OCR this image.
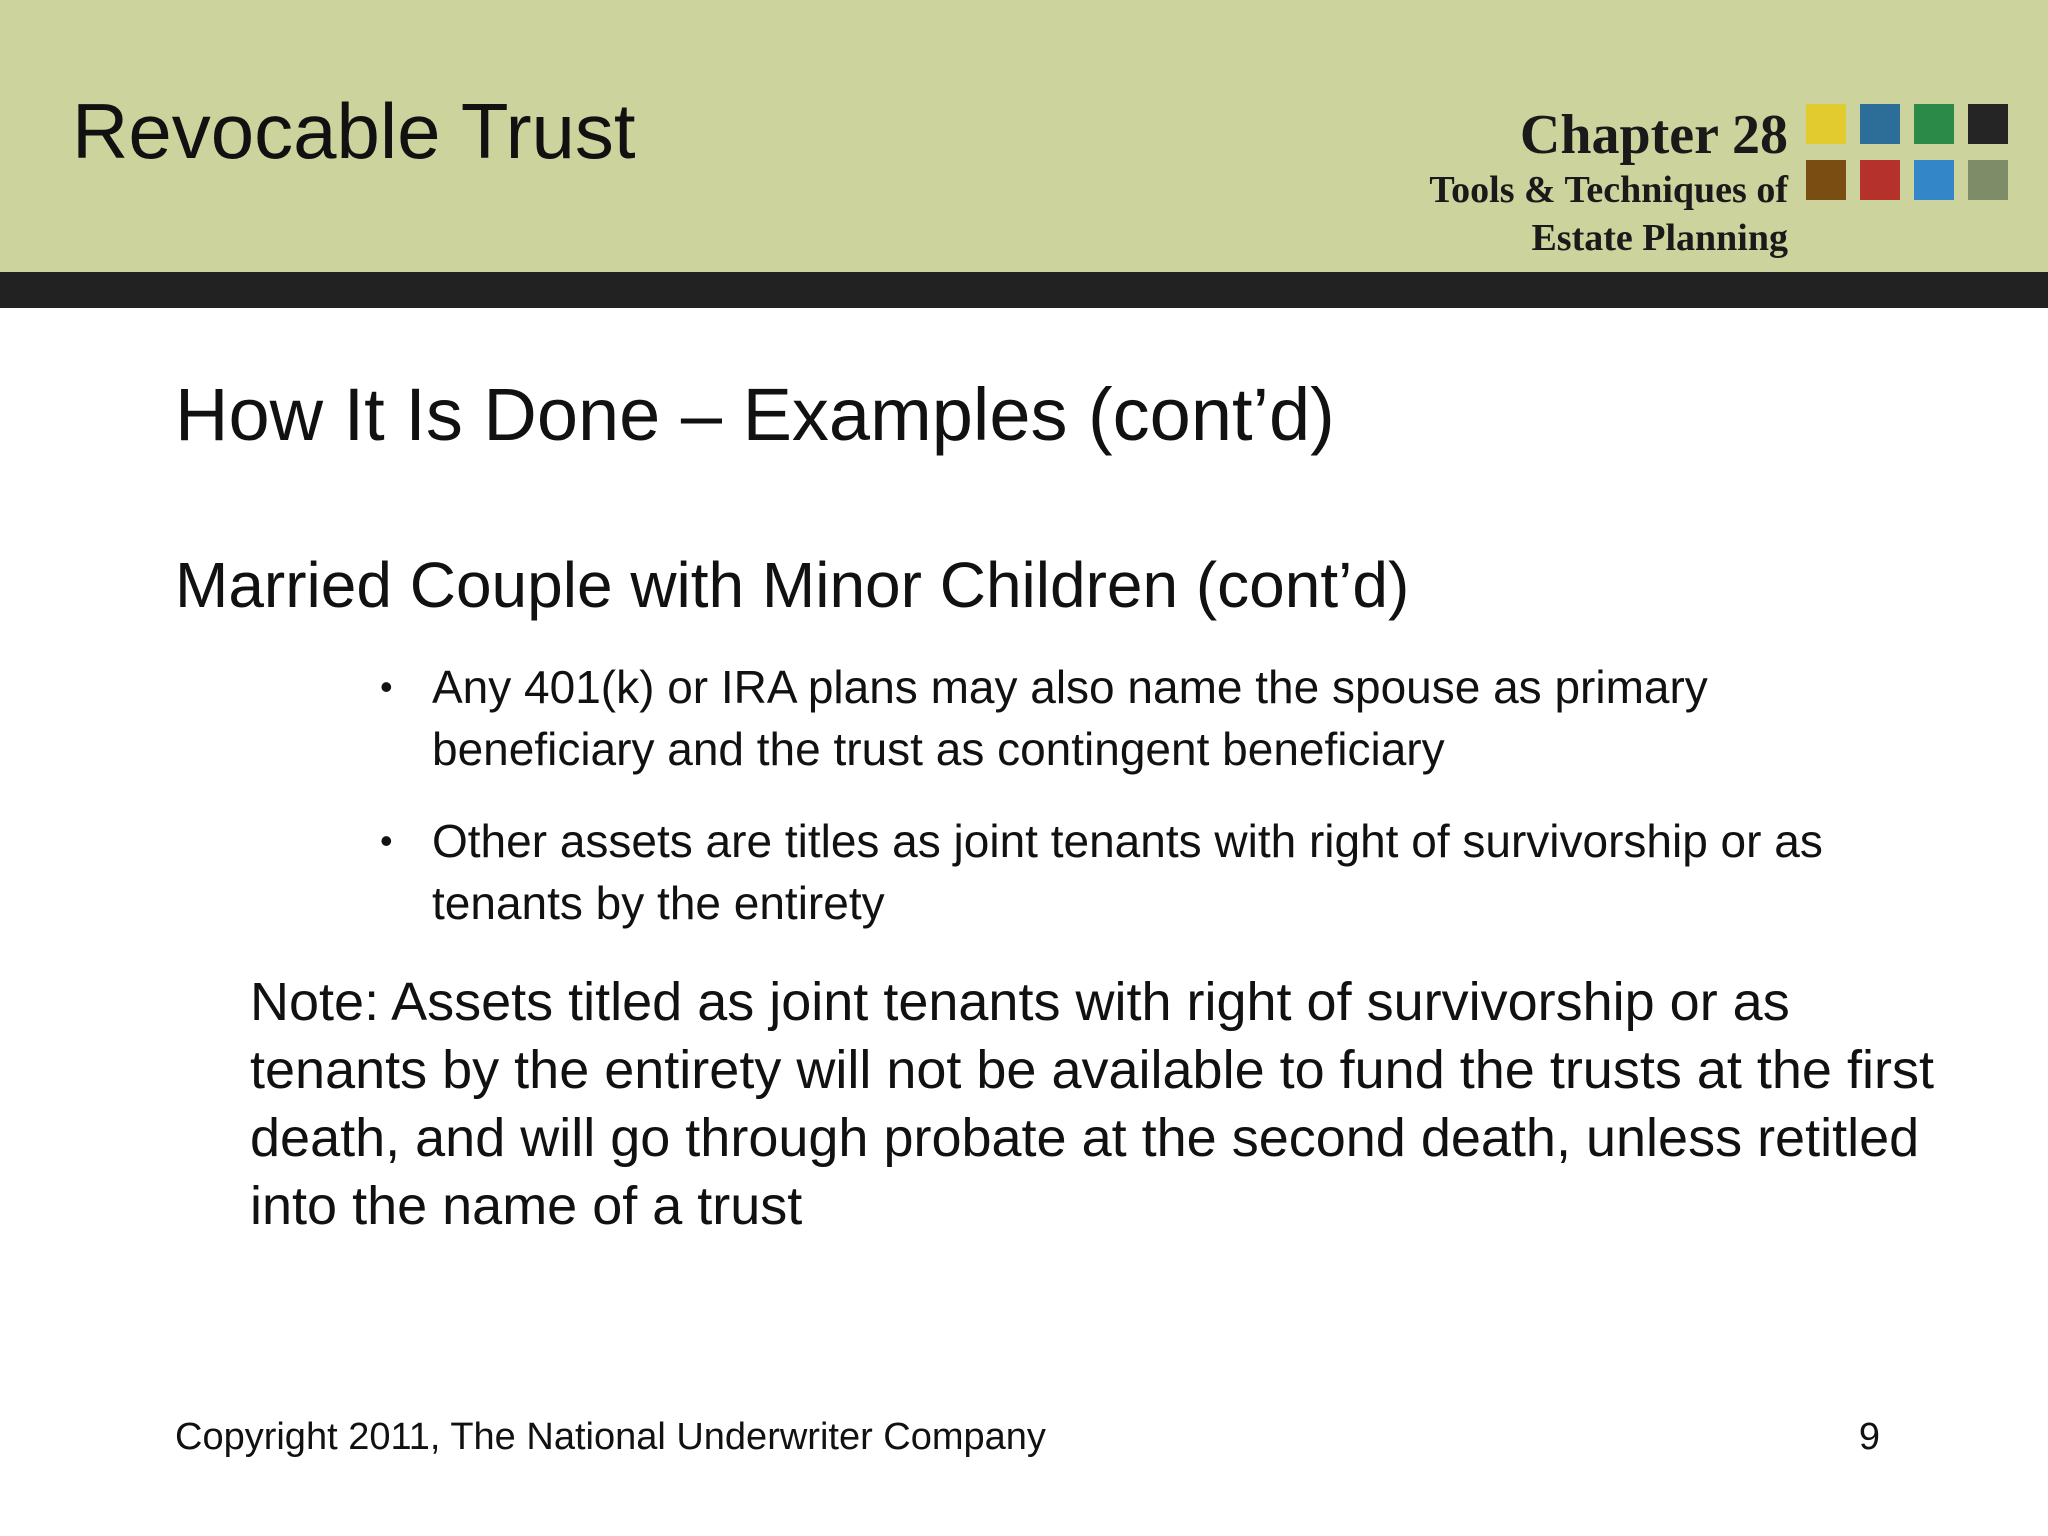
Revocable Trust	Chapter 28
Tools & Techniques of
Estate Planning
How It Is Done – Examples (cont’d)
Married Couple with Minor Children (cont’d)
• Any 401(k) or IRA plans may also name the spouse as primary beneficiary and the trust as contingent beneficiary
• Other assets are titles as joint tenants with right of survivorship or as tenants by the entirety
Note: Assets titled as joint tenants with right of survivorship or as tenants by the entirety will not be available to fund the trusts at the first death, and will go through probate at the second death, unless retitled into the name of a trust
Copyright 2011, The National Underwriter Company	9
